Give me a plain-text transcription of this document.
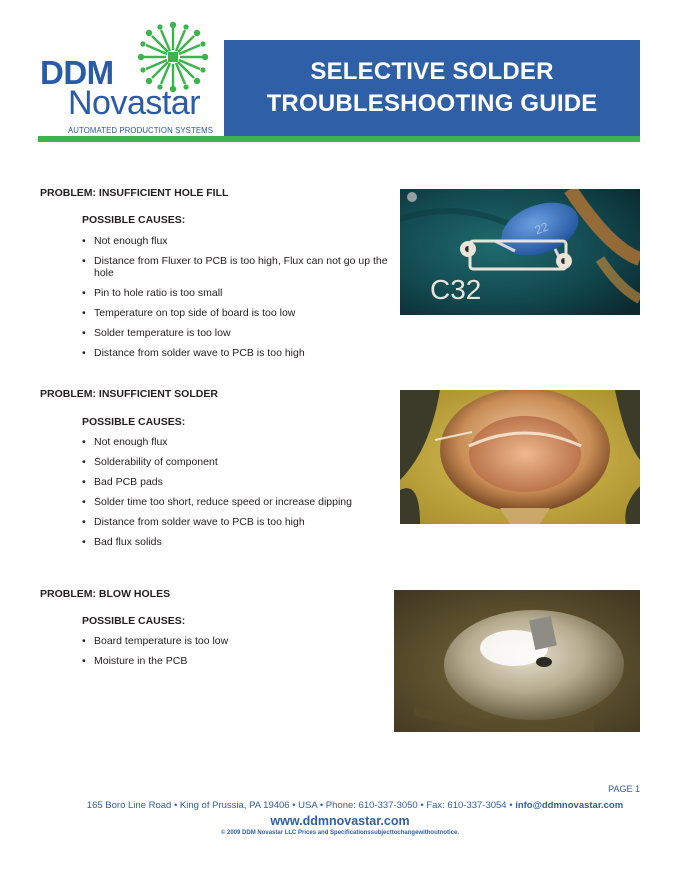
DDM
Novastar
AUTOMATED PRODUCTION SYSTEMS
SELECTIVE SOLDER
TROUBLESHOOTING GUIDE
PROBLEM: INSUFFICIENT HOLE FILL
POSSIBLE CAUSES:
• Not enough flux
• Distance from Fluxer to PCB is too high, Flux can not go up the hole
• Pin to hole ratio is too small
• Temperature on top side of board is too low
• Solder temperature is too low
• Distance from solder wave to PCB is too high
22
C32
PROBLEM: INSUFFICIENT SOLDER
POSSIBLE CAUSES:
• Not enough flux
• Solderability of component
• Bad PCB pads
• Solder time too short, reduce speed or increase dipping
• Distance from solder wave to PCB is too high
• Bad flux solids
PROBLEM: BLOW HOLES
POSSIBLE CAUSES:
• Board temperature is too low
• Moisture in the PCB
PAGE 1
165 Boro Line Road • King of Prussia, PA 19406 • USA • Phone: 610-337-3050 • Fax: 610-337-3054 • info@ddmnovastar.com
www.ddmnovastar.com
© 2009 DDM Novastar LLC Prices and Specificationssubjecttochangewithoutnotice.
